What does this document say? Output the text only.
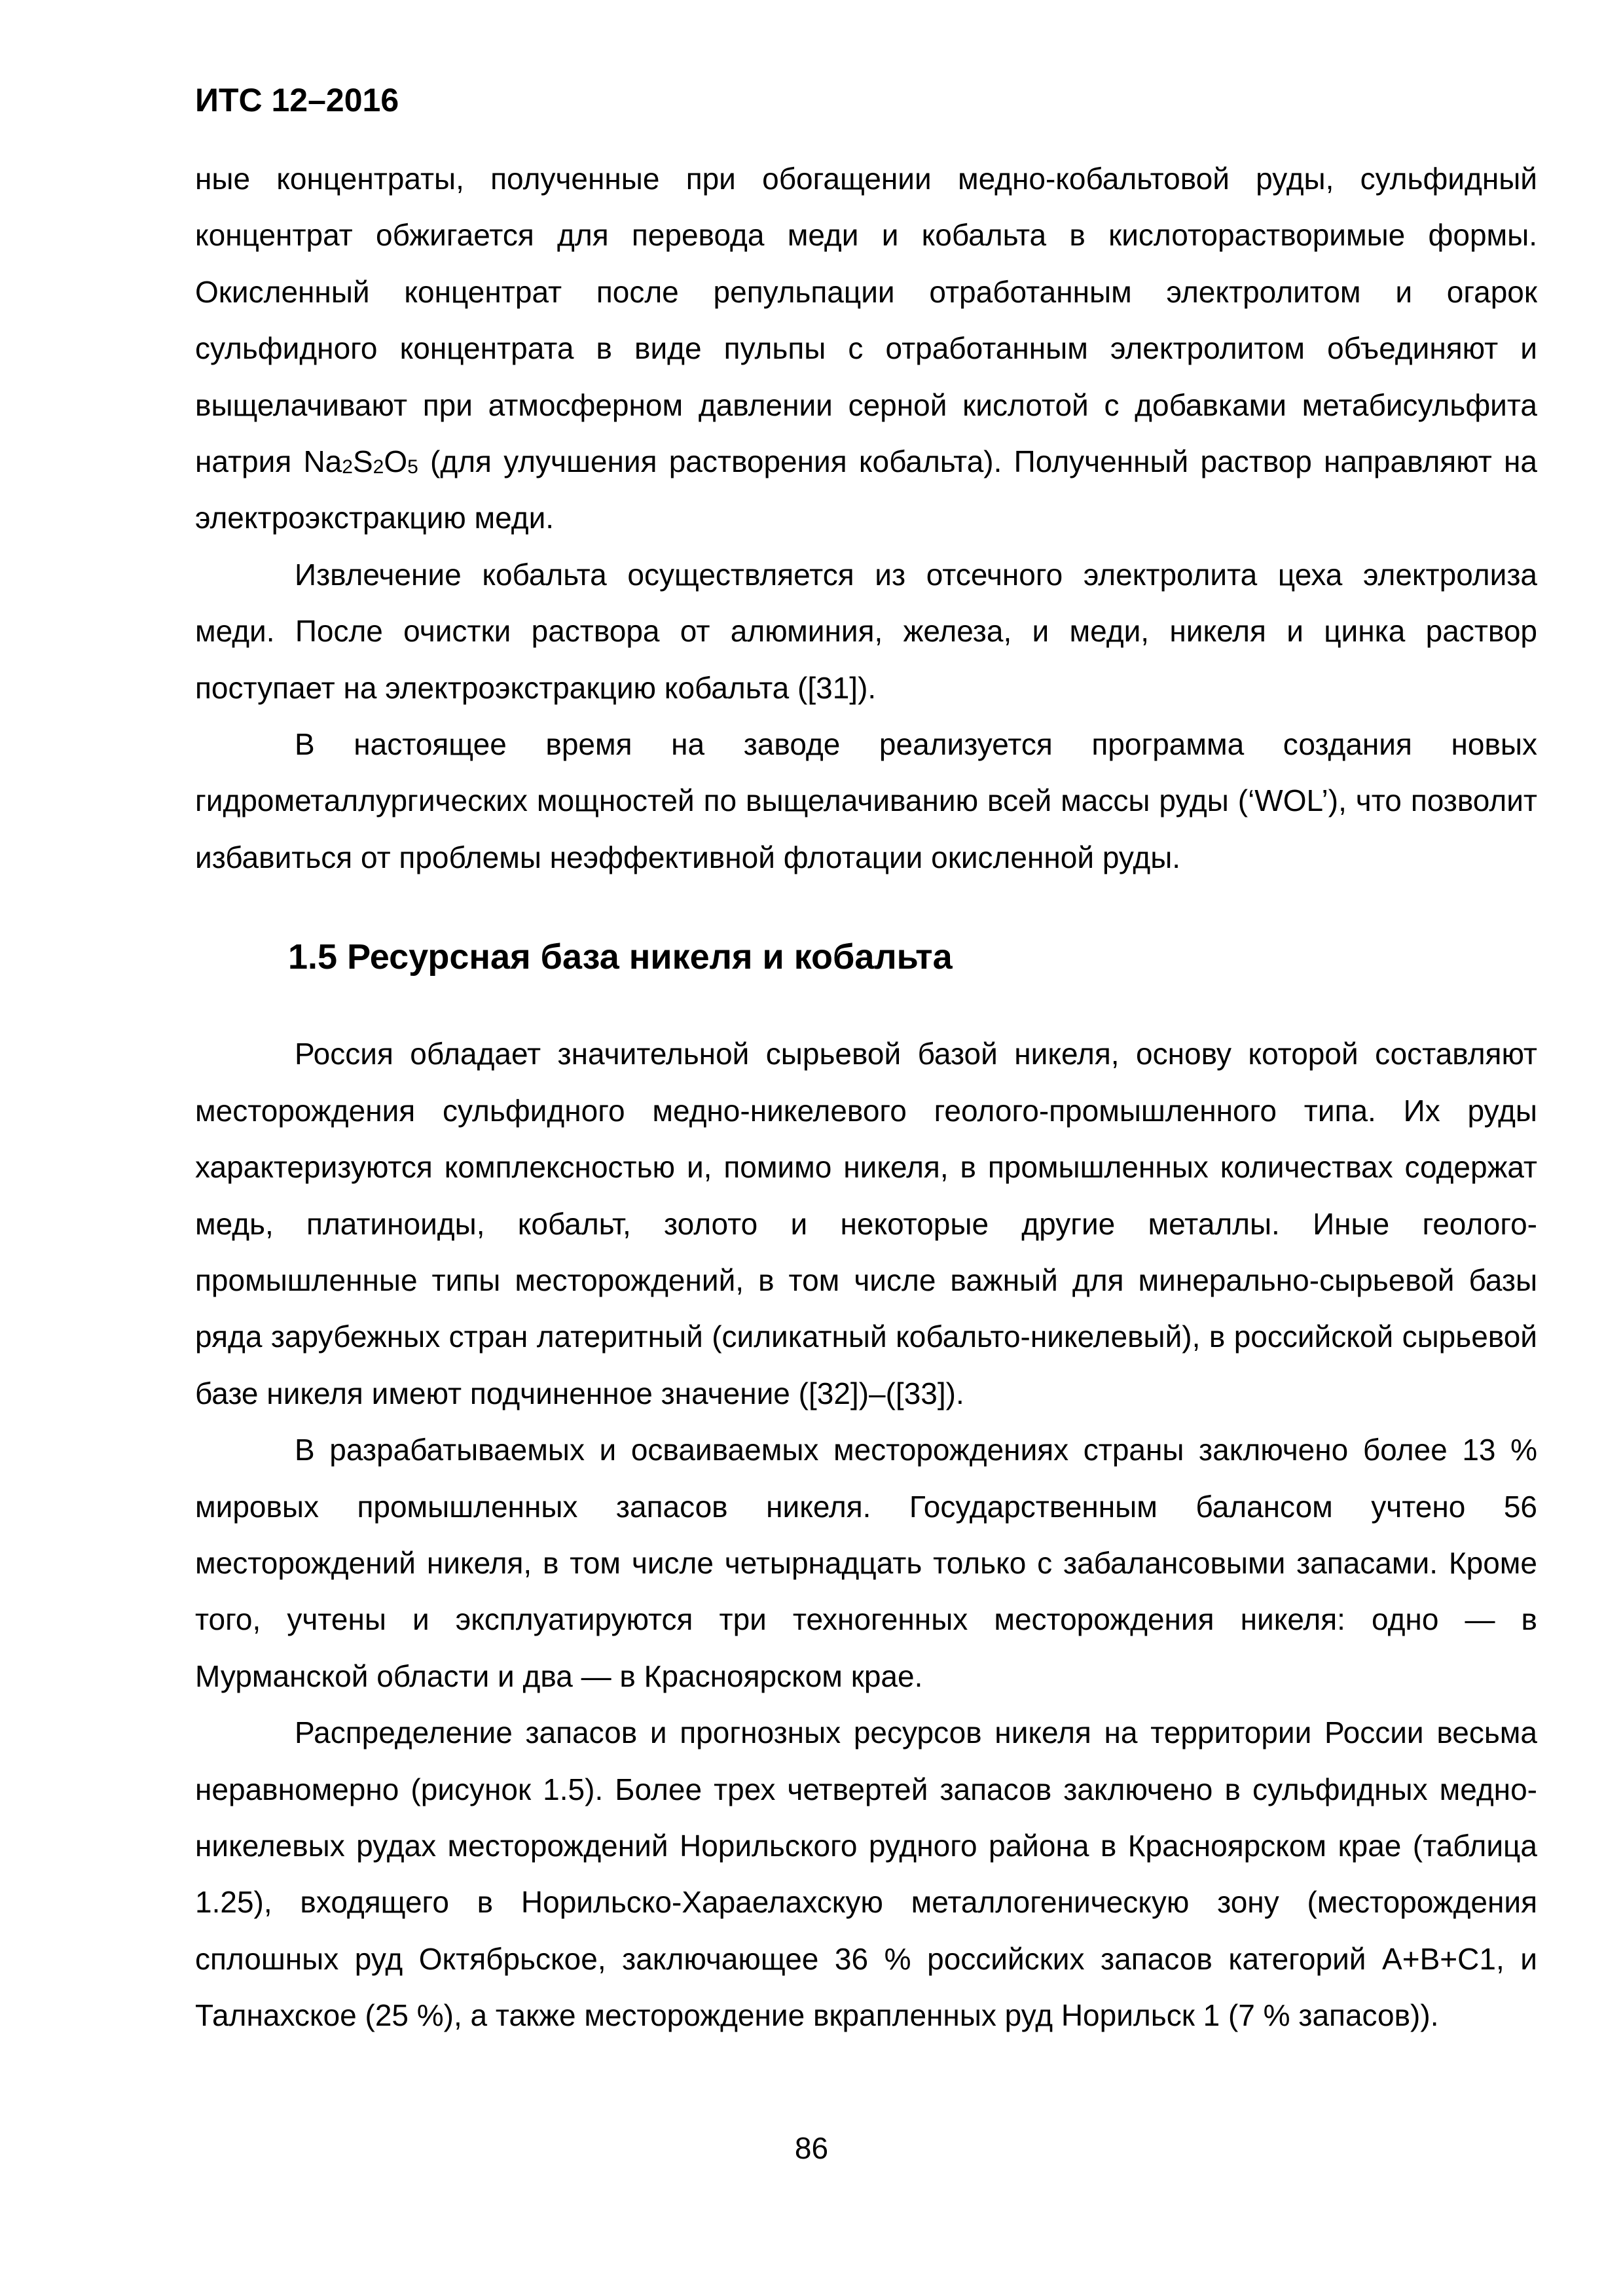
ИТС 12–2016

ные концентраты, полученные при обогащении медно-кобальтовой руды, сульфидный концентрат обжигается для перевода меди и кобальта в кислоторастворимые формы. Окисленный концентрат после репульпации отработанным электролитом и огарок сульфидного концентрата в виде пульпы с отработанным электролитом объединяют и выщелачивают при атмосферном давлении серной кислотой с добавками метабисульфита натрия $Na_2S_2O_5$ (для улучшения растворения кобальта). Полученный раствор направляют на электроэкстракцию меди.

Извлечение кобальта осуществляется из отсечного электролита цеха электролиза меди. После очистки раствора от алюминия, железа, и меди, никеля и цинка раствор поступает на электроэкстракцию кобальта ([31]).

В настоящее время на заводе реализуется программа создания новых гидрометаллургических мощностей по выщелачиванию всей массы руды (‘WOL’), что позволит избавиться от проблемы неэффективной флотации окисленной руды.

1.5 Ресурсная база никеля и кобальта

Россия обладает значительной сырьевой базой никеля, основу которой составляют месторождения сульфидного медно-никелевого геолого-промышленного типа. Их руды характеризуются комплексностью и, помимо никеля, в промышленных количествах содержат медь, платиноиды, кобальт, золото и некоторые другие металлы. Иные геолого-промышленные типы месторождений, в том числе важный для минерально-сырьевой базы ряда зарубежных стран латеритный (силикатный кобальто-никелевый), в российской сырьевой базе никеля имеют подчиненное значение ([32])–([33]).

В разрабатываемых и осваиваемых месторождениях страны заключено более 13 % мировых промышленных запасов никеля. Государственным балансом учтено 56 месторождений никеля, в том числе четырнадцать только с забалансовыми запасами. Кроме того, учтены и эксплуатируются три техногенных месторождения никеля: одно — в Мурманской области и два — в Красноярском крае.

Распределение запасов и прогнозных ресурсов никеля на территории России весьма неравномерно (рисунок 1.5). Более трех четвертей запасов заключено в сульфидных медно-никелевых рудах месторождений Норильского рудного района в Красноярском крае (таблица 1.25), входящего в Норильско-Хараелахскую металлогеническую зону (месторождения сплошных руд Октябрьское, заключающее 36 % российских запасов категорий А+В+С1, и Талнахское (25 %), а также месторождение вкрапленных руд Норильск 1 (7 % запасов)).

86
